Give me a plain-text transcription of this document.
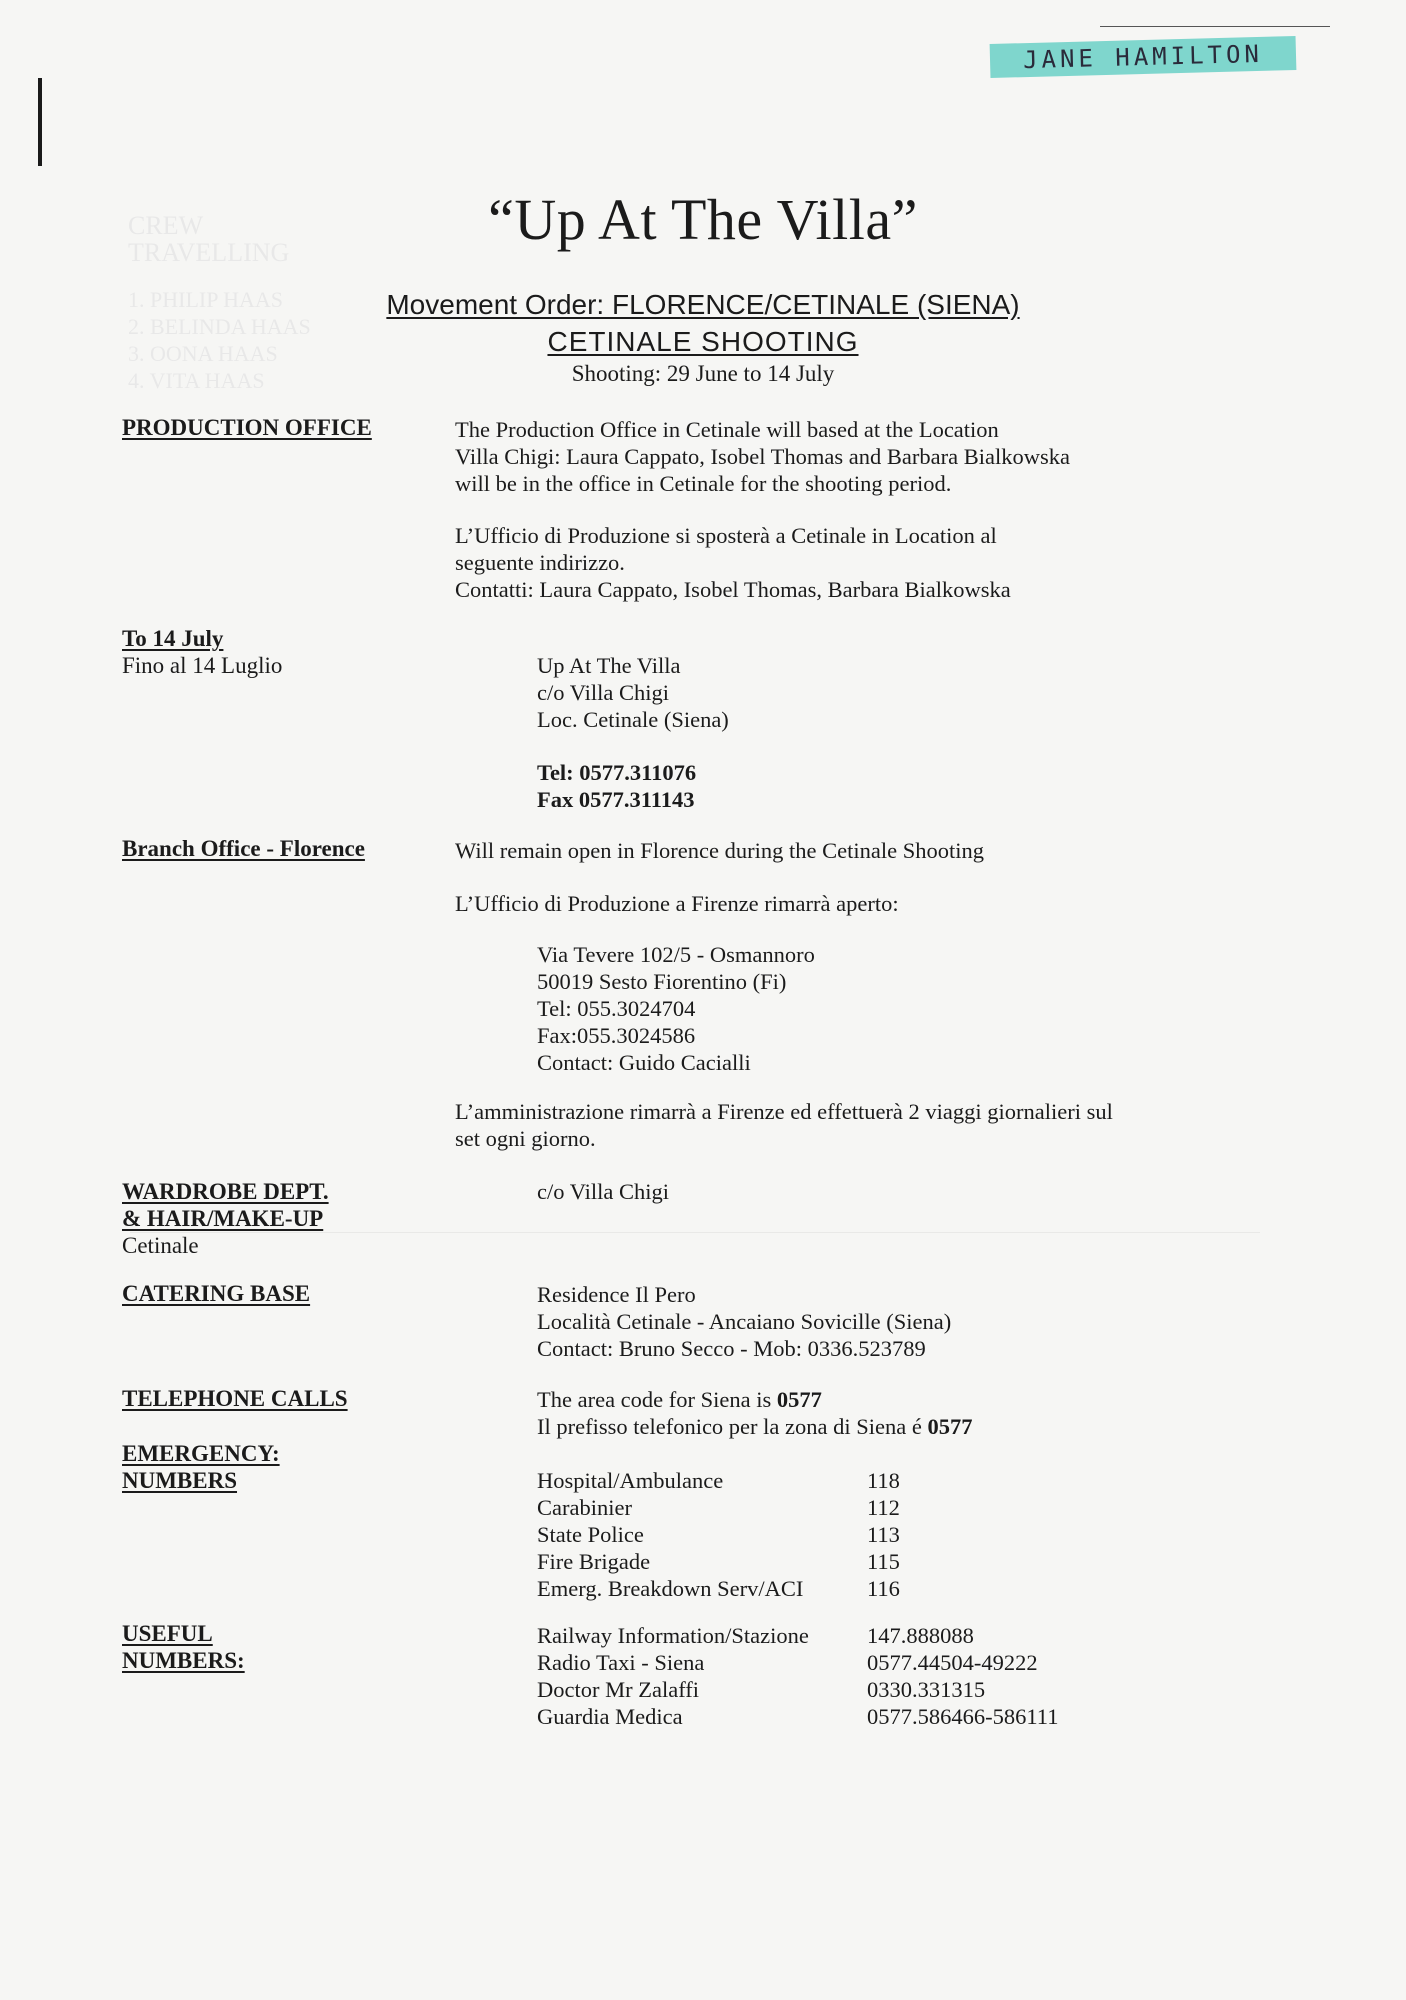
CREW
TRAVELLING
1. PHILIP HAAS
2. BELINDA HAAS
3. OONA HAAS
4. VITA HAAS
JANE HAMILTON
“Up At The Villa”
Movement Order: FLORENCE/CETINALE (SIENA)
CETINALE SHOOTING
Shooting: 29 June to 14 July
PRODUCTION OFFICE	The Production Office in Cetinale will based at the Location
Villa Chigi: Laura Cappato, Isobel Thomas and Barbara Bialkowska
will be in the office in Cetinale for the shooting period.
L’Ufficio di Produzione si sposterà a Cetinale in Location al
seguente indirizzo.
Contatti: Laura Cappato, Isobel Thomas, Barbara Bialkowska
To 14 July
Fino al 14 Luglio	Up At The Villa
c/o Villa Chigi
Loc. Cetinale (Siena)
Tel: 0577.311076
Fax 0577.311143
Branch Office - Florence	Will remain open in Florence during the Cetinale Shooting
L’Ufficio di Produzione a Firenze rimarrà aperto:
Via Tevere 102/5 - Osmannoro
50019 Sesto Fiorentino (Fi)
Tel: 055.3024704
Fax:055.3024586
Contact: Guido Cacialli
L’amministrazione rimarrà a Firenze ed effettuerà 2 viaggi giornalieri sul
set ogni giorno.
WARDROBE DEPT.
& HAIR/MAKE-UP
Cetinale
c/o Villa Chigi
CATERING BASE	Residence Il Pero
Località Cetinale - Ancaiano Sovicille (Siena)
Contact: Bruno Secco - Mob: 0336.523789
TELEPHONE CALLS	The area code for Siena is 0577
Il prefisso telefonico per la zona di Siena é 0577
EMERGENCY:
NUMBERS	Hospital/Ambulance	118
Carabinier	112
State Police	113
Fire Brigade	115
Emerg. Breakdown Serv/ACI	116
USEFUL
NUMBERS:
Railway Information/Stazione	147.888088
Radio Taxi - Siena	0577.44504-49222
Doctor Mr Zalaffi	0330.331315
Guardia Medica	0577.586466-586111
